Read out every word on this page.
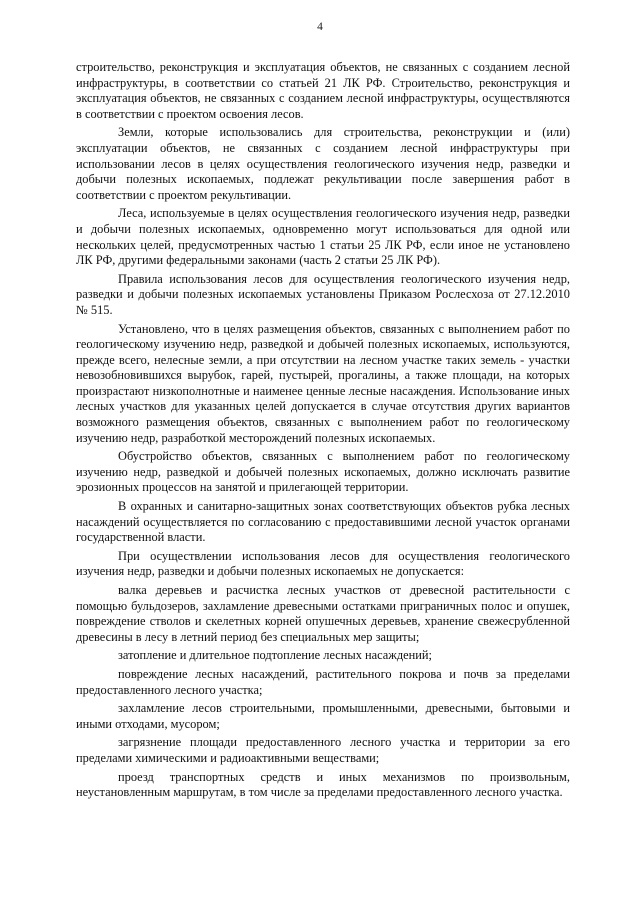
4

строительство, реконструкция и эксплуатация объектов, не связанных с созданием лесной инфраструктуры, в соответствии со статьей 21 ЛК РФ. Строительство, реконструкция и эксплуатация объектов, не связанных с созданием лесной инфраструктуры, осуществляются в соответствии с проектом освоения лесов.

Земли, которые использовались для строительства, реконструкции и (или) эксплуатации объектов, не связанных с созданием лесной инфраструктуры при использовании лесов в целях осуществления геологического изучения недр, разведки и добычи полезных ископаемых, подлежат рекультивации после завершения работ в соответствии с проектом рекультивации.

Леса, используемые в целях осуществления геологического изучения недр, разведки и добычи полезных ископаемых, одновременно могут использоваться для одной или нескольких целей, предусмотренных частью 1 статьи 25 ЛК РФ, если иное не установлено ЛК РФ, другими федеральными законами (часть 2 статьи 25 ЛК РФ).

Правила использования лесов для осуществления геологического изучения недр, разведки и добычи полезных ископаемых установлены Приказом Рослесхоза от 27.12.2010 № 515.

Установлено, что в целях размещения объектов, связанных с выполнением работ по геологическому изучению недр, разведкой и добычей полезных ископаемых, используются, прежде всего, нелесные земли, а при отсутствии на лесном участке таких земель - участки невозобновившихся вырубок, гарей, пустырей, прогалины, а также площади, на которых произрастают низкополнотные и наименее ценные лесные насаждения. Использование иных лесных участков для указанных целей допускается в случае отсутствия других вариантов возможного размещения объектов, связанных с выполнением работ по геологическому изучению недр, разработкой месторождений полезных ископаемых.

Обустройство объектов, связанных с выполнением работ по геологическому изучению недр, разведкой и добычей полезных ископаемых, должно исключать развитие эрозионных процессов на занятой и прилегающей территории.

В охранных и санитарно-защитных зонах соответствующих объектов рубка лесных насаждений осуществляется по согласованию с предоставившими лесной участок органами государственной власти.

При осуществлении использования лесов для осуществления геологического изучения недр, разведки и добычи полезных ископаемых не допускается:

валка деревьев и расчистка лесных участков от древесной растительности с помощью бульдозеров, захламление древесными остатками приграничных полос и опушек, повреждение стволов и скелетных корней опушечных деревьев, хранение свежесрубленной древесины в лесу в летний период без специальных мер защиты;

затопление и длительное подтопление лесных насаждений;

повреждение лесных насаждений, растительного покрова и почв за пределами предоставленного лесного участка;

захламление лесов строительными, промышленными, древесными, бытовыми и иными отходами, мусором;

загрязнение площади предоставленного лесного участка и территории за его пределами химическими и радиоактивными веществами;

проезд транспортных средств и иных механизмов по произвольным, неустановленным маршрутам, в том числе за пределами предоставленного лесного участка.
